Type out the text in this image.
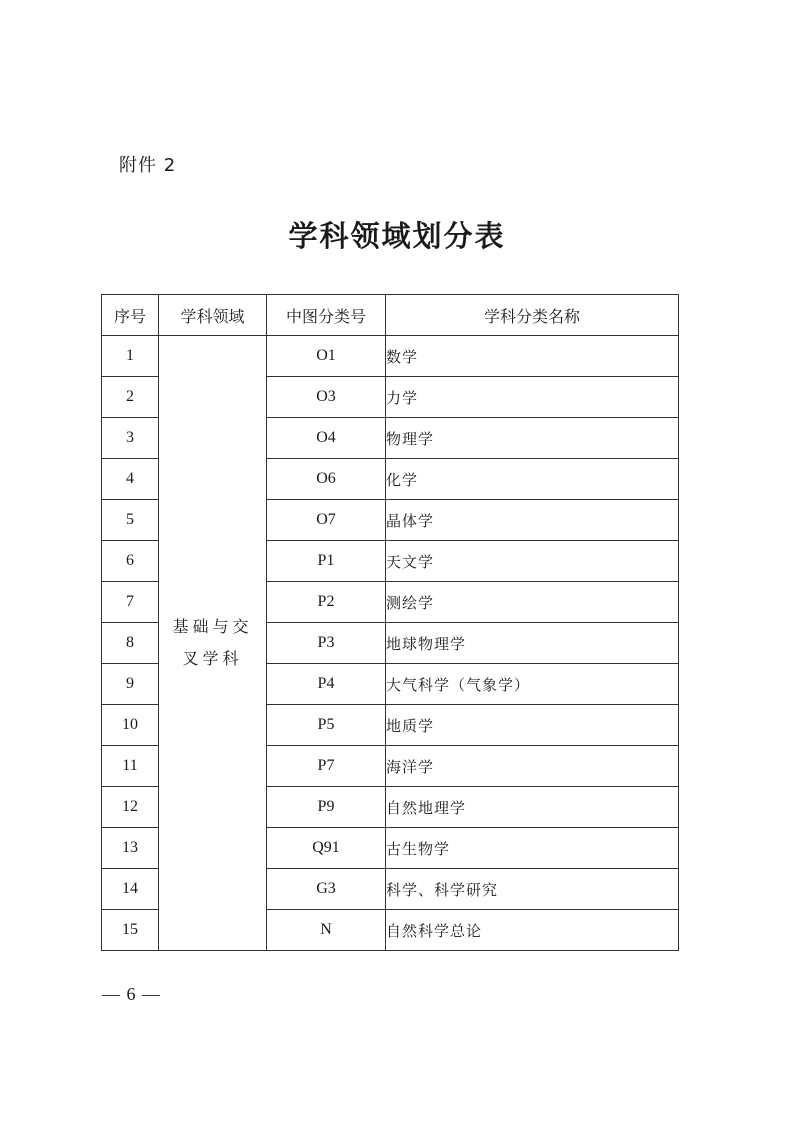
附件 2
学科领域划分表
序号	学科领域	中图分类号	学科分类名称
1	基础与交叉学科	O1	数学
2		O3	力学
3		O4	物理学
4		O6	化学
5		O7	晶体学
6		P1	天文学
7		P2	测绘学
8		P3	地球物理学
9		P4	大气科学（气象学）
10		P5	地质学
11		P7	海洋学
12		P9	自然地理学
13		Q91	古生物学
14		G3	科学、科学研究
15		N	自然科学总论
— 6 —
